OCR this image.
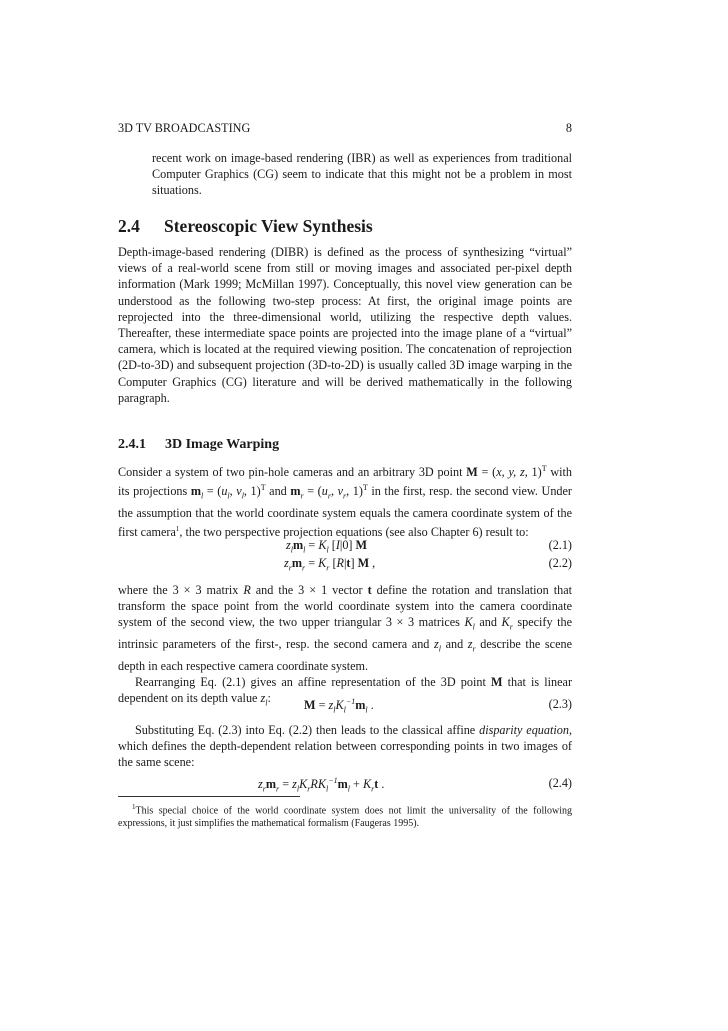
3D TV BROADCASTING	8
recent work on image-based rendering (IBR) as well as experiences from traditional Computer Graphics (CG) seem to indicate that this might not be a problem in most situations.
2.4 Stereoscopic View Synthesis
Depth-image-based rendering (DIBR) is defined as the process of synthesizing “virtual” views of a real-world scene from still or moving images and associated per-pixel depth information (Mark 1999; McMillan 1997). Conceptually, this novel view generation can be understood as the following two-step process: At first, the original image points are reprojected into the three-dimensional world, utilizing the respective depth values. Thereafter, these intermediate space points are projected into the image plane of a “virtual” camera, which is located at the required viewing position. The concatenation of reprojection (2D-to-3D) and subsequent projection (3D-to-2D) is usually called 3D image warping in the Computer Graphics (CG) literature and will be derived mathematically in the following paragraph.
2.4.1 3D Image Warping
Consider a system of two pin-hole cameras and an arbitrary 3D point M = (x, y, z, 1)$^T$ with its projections $m_l = (u_l$, $v_l$, 1)$^T$ and $m_r = (u_r$, $v_r$, 1)$^T$ in the first, resp. the second view. Under the assumption that the world coordinate system equals the camera coordinate system of the first camera$^1$, the two perspective projection equations (see also Chapter 6) result to:
$z_lm_l = K_l$ [I|0] M	(2.1)
$z_rm_r = K_r$ [R|t] M ,	(2.2)

where the 3 × 3 matrix R and the 3 × 1 vector t define the rotation and translation that transform the space point from the world coordinate system into the camera coordinate system of the second view, the two upper triangular 3 × 3 matrices $K_l$ and $K_r$ specify the intrinsic parameters of the first-, resp. the second camera and $z_l$ and $z_r$ describe the scene depth in each respective camera coordinate system.

Rearranging Eq. (2.1) gives an affine representation of the 3D point M that is linear dependent on its depth value $z_l$:	$M = z_lK_l^{-1}m_l$ .	(2.3)

Substituting Eq. (2.3) into Eq. (2.2) then leads to the classical affine disparity equation, which defines the depth-dependent relation between corresponding points in two images of the same scene:

$z_rm_r = z_lK_rRK_l^{-1}m_l + K_rt$ .	(2.4)
$^1$This special choice of the world coordinate system does not limit the universality of the following expressions, it just simplifies the mathematical formalism (Faugeras 1995).
